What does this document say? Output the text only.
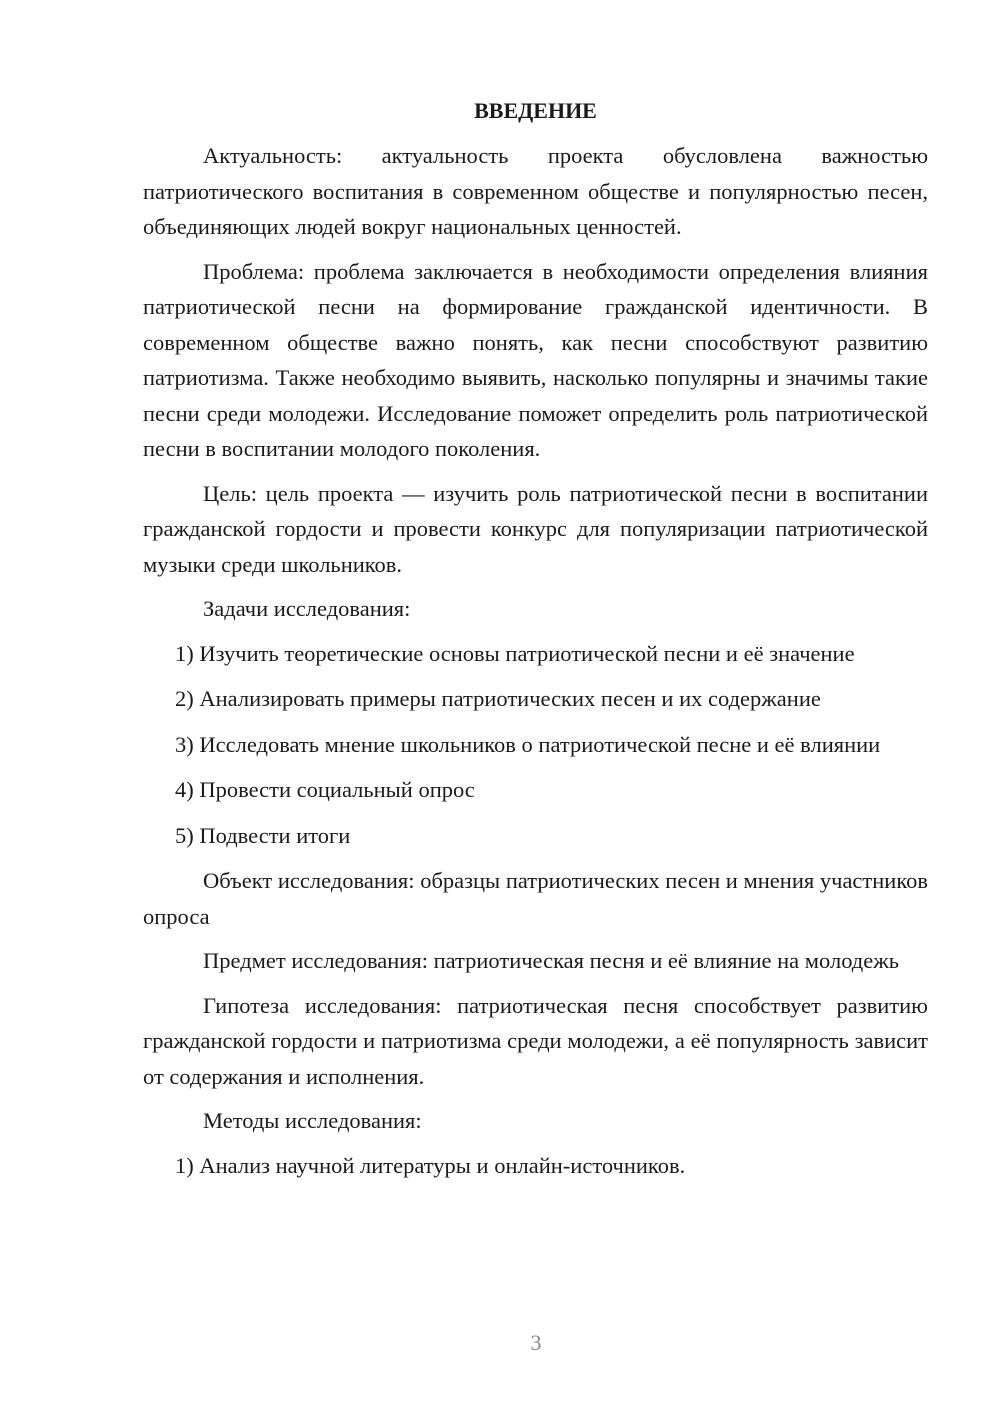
ВВЕДЕНИЕ

Актуальность: актуальность проекта обусловлена важностью патриотического воспитания в современном обществе и популярностью песен, объединяющих людей вокруг национальных ценностей.

Проблема: проблема заключается в необходимости определения влияния патриотической песни на формирование гражданской идентичности. В современном обществе важно понять, как песни способствуют развитию патриотизма. Также необходимо выявить, насколько популярны и значимы такие песни среди молодежи. Исследование поможет определить роль патриотической песни в воспитании молодого поколения.

Цель: цель проекта — изучить роль патриотической песни в воспитании гражданской гордости и провести конкурс для популяризации патриотической музыки среди школьников.

Задачи исследования:

1) Изучить теоретические основы патриотической песни и её значение

2) Анализировать примеры патриотических песен и их содержание

3) Исследовать мнение школьников о патриотической песне и её влиянии

4) Провести социальный опрос

5) Подвести итоги

Объект исследования: образцы патриотических песен и мнения участников опроса

Предмет исследования: патриотическая песня и её влияние на молодежь

Гипотеза исследования: патриотическая песня способствует развитию гражданской гордости и патриотизма среди молодежи, а её популярность зависит от содержания и исполнения.

Методы исследования:

1) Анализ научной литературы и онлайн-источников.

3
